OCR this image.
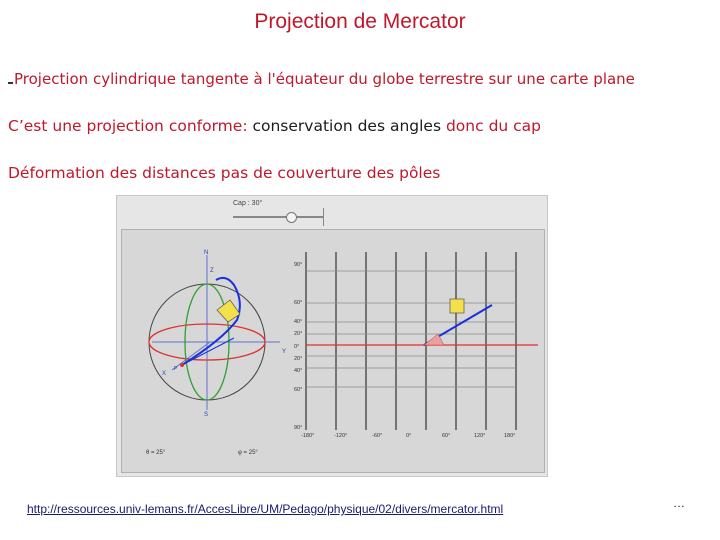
Projection de Mercator
Projection cylindrique tangente à l'équateur du globe terrestre sur une carte plane
C’est une projection conforme: conservation des angles donc du cap
Déformation des distances pas de couverture des pôles
Cap : 30°
N
S
Y
X
Z
P
θ = 25°	φ = 25°
90°
60°
40°
20°
0°
20°
40°
60°
90°
-180°	-120°	-60°	0°	60°	120°	180°
http://ressources.univ-lemans.fr/AccesLibre/UM/Pedago/physique/02/divers/mercator.html	…
